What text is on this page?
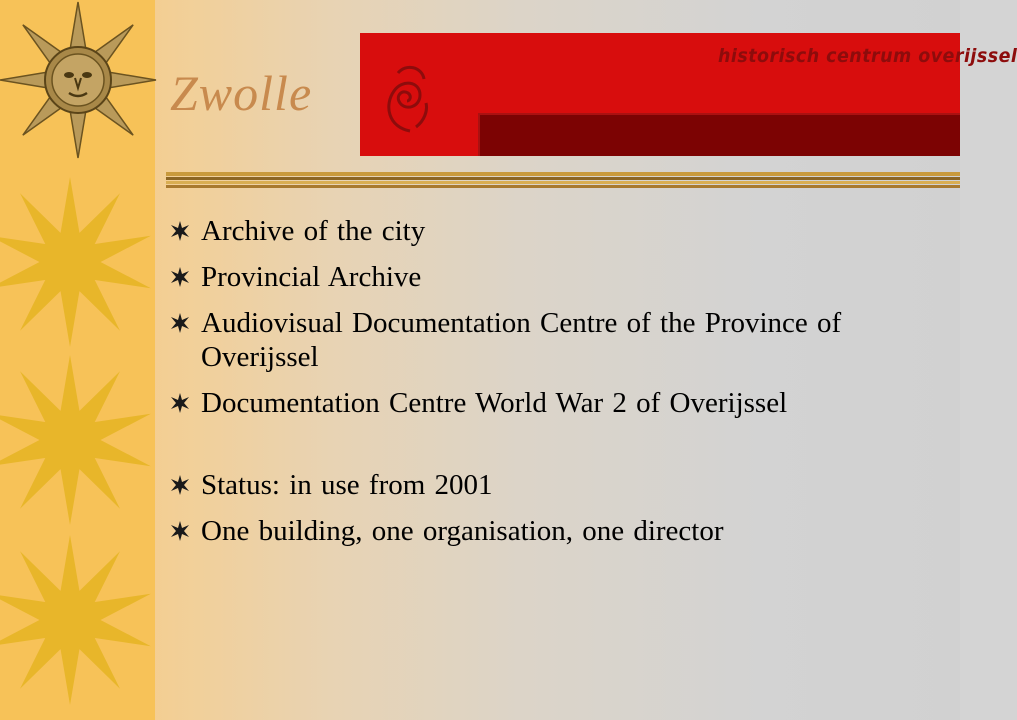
historisch centrum overijssel
Zwolle
Archive of the city
Provincial Archive
Audiovisual Documentation Centre of the Province of Overijssel
Documentation Centre World War 2 of Overijssel
Status: in use from 2001
One building, one organisation, one director
